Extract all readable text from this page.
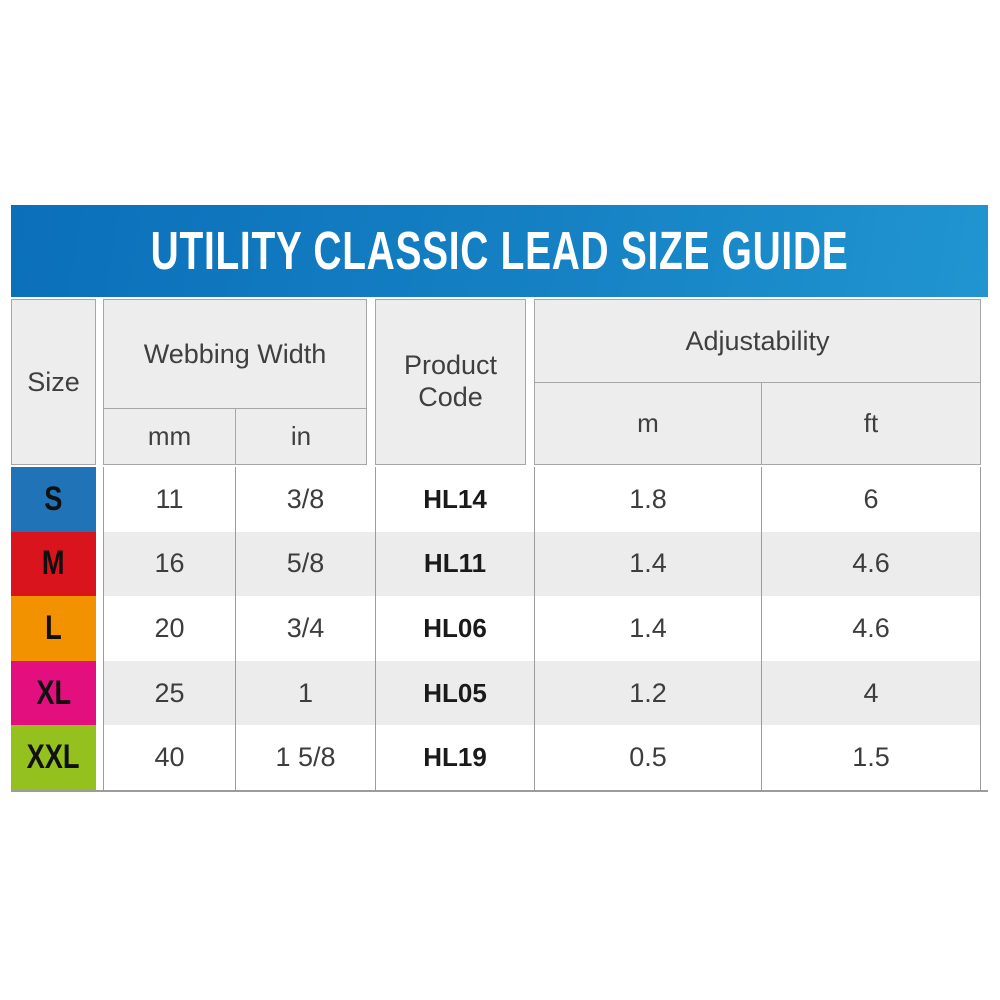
UTILITY CLASSIC LEAD SIZE GUIDE
Size
Webbing Width
mm	in
Product
Code
Adjustability
m	ft
S	11	3/8	HL14	1.8	6
M	16	5/8	HL11	1.4	4.6
L	20	3/4	HL06	1.4	4.6
XL	25	1	HL05	1.2	4
XXL	40	1 5/8	HL19	0.5	1.5
